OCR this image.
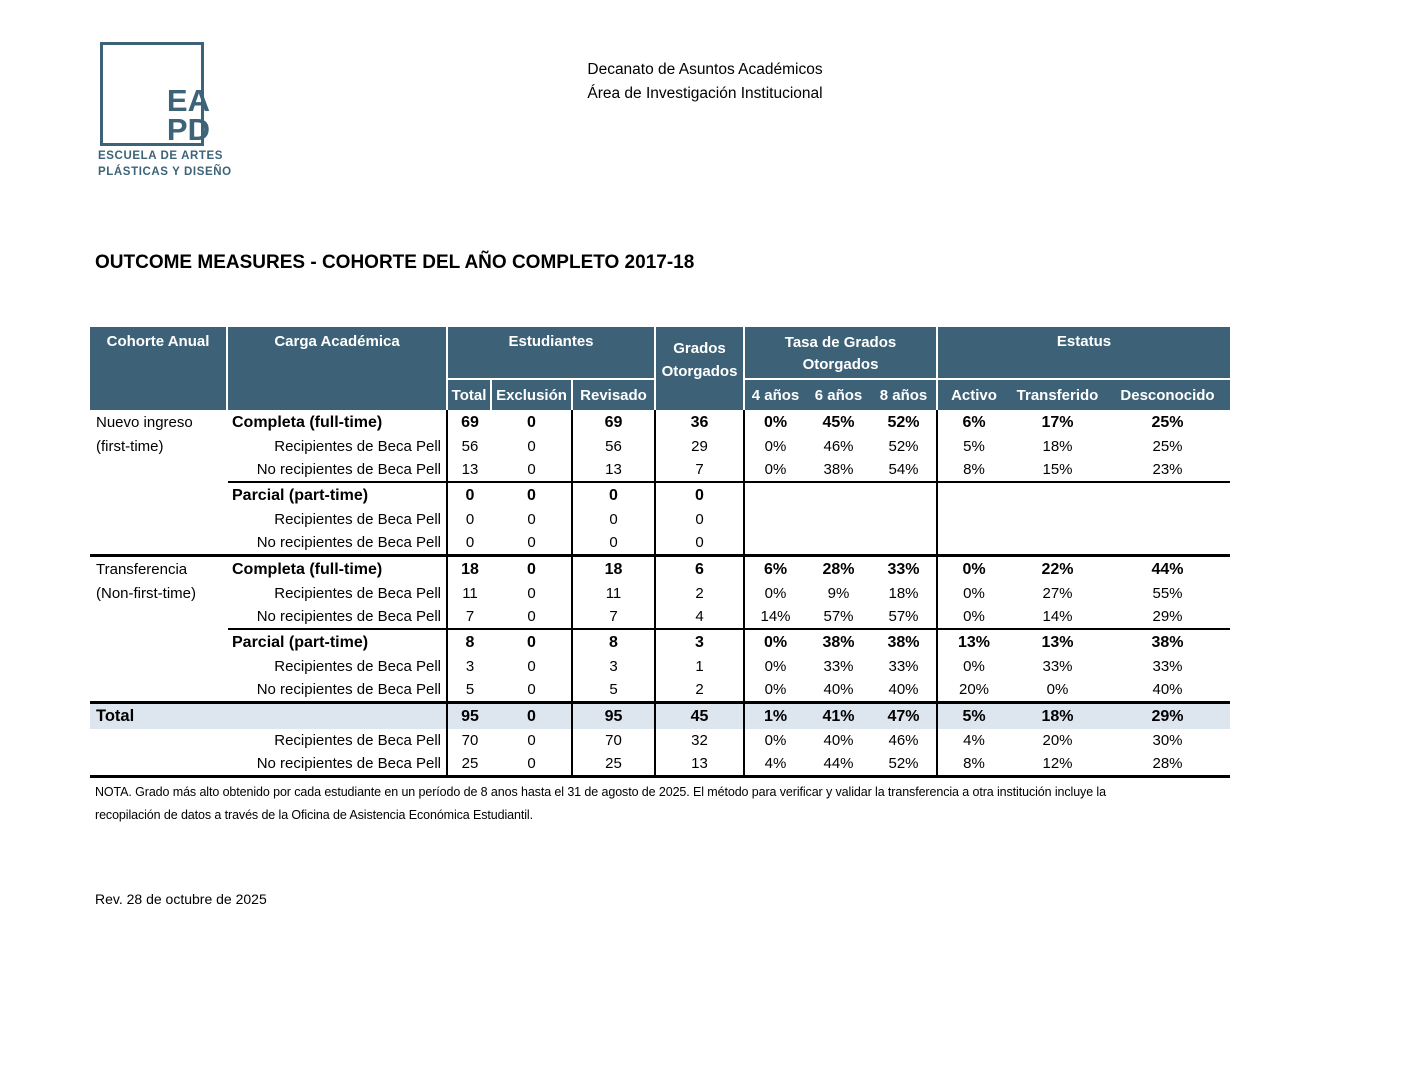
EA
PD
ESCUELA DE ARTES
PLÁSTICAS Y DISEÑO
Decanato de Asuntos Académicos
Área de Investigación Institucional
OUTCOME MEASURES - COHORTE DEL AÑO COMPLETO 2017-18
Cohorte Anual	Carga Académica	Estudiantes
Total Exclusión Revisado
Grados
Otorgados
Tasa de Grados
Otorgados
4 años	6 años	8 años
Estatus
Activo	Transferido	Desconocido
Nuevo ingreso	Completa (full-time)	69	0	69	36	0%	45%	52%	6%	17%	25%
(first-time)	Recipientes de Beca Pell	56	0	56	29	0%	46%	52%	5%	18%	25%
No recipientes de Beca Pell	13	0	13	7	0%	38%	54%	8%	15%	23%
Parcial (part-time)	0	0	0	0
Recipientes de Beca Pell	0	0	0	0
No recipientes de Beca Pell	0	0	0	0
Transferencia	Completa (full-time)	18	0	18	6	6%	28%	33%	0%	22%	44%
(Non-first-time)	Recipientes de Beca Pell	11	0	11	2	0%	9%	18%	0%	27%	55%
No recipientes de Beca Pell	7	0	7	4	14%	57%	57%	0%	14%	29%
Parcial (part-time)	8	0	8	3	0%	38%	38%	13%	13%	38%
Recipientes de Beca Pell	3	0	3	1	0%	33%	33%	0%	33%	33%
No recipientes de Beca Pell	5	0	5	2	0%	40%	40%	20%	0%	40%
Total	95	0	95	45	1%	41%	47%	5%	18%	29%
Recipientes de Beca Pell	70	0	70	32	0%	40%	46%	4%	20%	30%
No recipientes de Beca Pell	25	0	25	13	4%	44%	52%	8%	12%	28%
NOTA. Grado más alto obtenido por cada estudiante en un período de 8 anos hasta el 31 de agosto de 2025. El método para verificar y validar la transferencia a otra institución incluye la
recopilación de datos a través de la Oficina de Asistencia Económica Estudiantil.
Rev. 28 de octubre de 2025
